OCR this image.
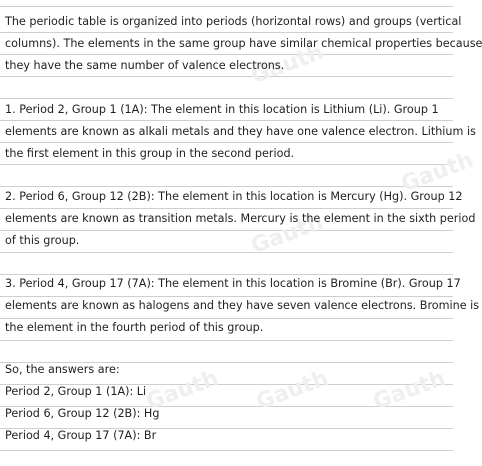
Gauth
Gauth
Gauth
Gauth Gauth Gauth
The periodic table is organized into periods (horizontal rows) and groups (vertical
columns). The elements in the same group have similar chemical properties because
they have the same number of valence electrons.
1. Period 2, Group 1 (1A): The element in this location is Lithium (Li). Group 1
elements are known as alkali metals and they have one valence electron. Lithium is
the first element in this group in the second period.
2. Period 6, Group 12 (2B): The element in this location is Mercury (Hg). Group 12
elements are known as transition metals. Mercury is the element in the sixth period
of this group.
3. Period 4, Group 17 (7A): The element in this location is Bromine (Br). Group 17
elements are known as halogens and they have seven valence electrons. Bromine is
the element in the fourth period of this group.
So, the answers are:
Period 2, Group 1 (1A): Li
Period 6, Group 12 (2B): Hg
Period 4, Group 17 (7A): Br
